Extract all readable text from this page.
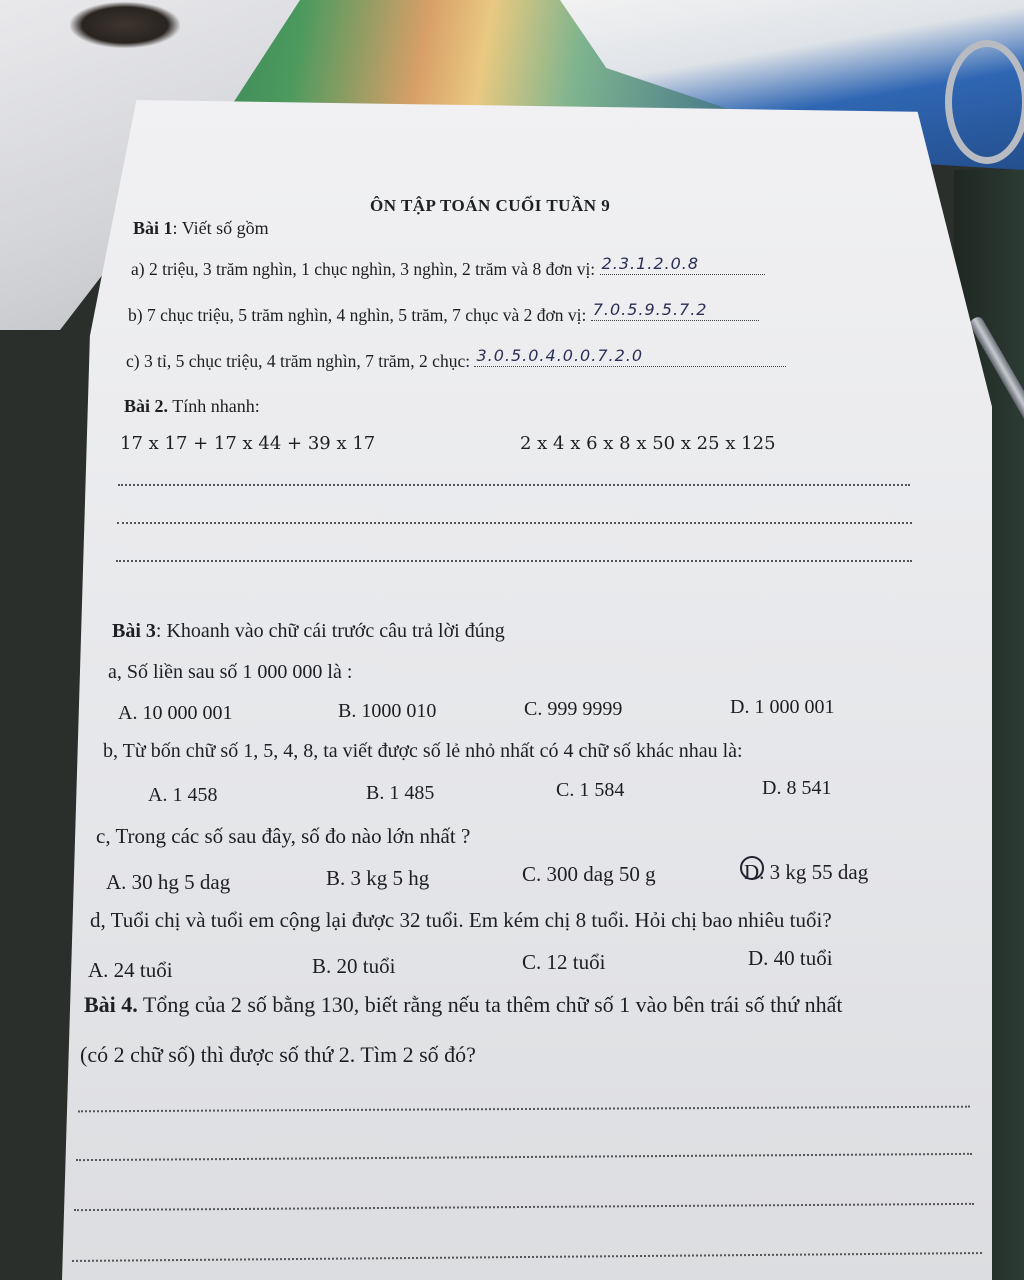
ÔN TẬP TOÁN CUỐI TUẦN 9
Bài 1: Viết số gồm
a) 2 triệu, 3 trăm nghìn, 1 chục nghìn, 3 nghìn, 2 trăm và 8 đơn vị: 2.3.1.2.0.8
b) 7 chục triệu, 5 trăm nghìn, 4 nghìn, 5 trăm, 7 chục và 2 đơn vị: 7.0.5.9.5.7.2
c) 3 tỉ, 5 chục triệu, 4 trăm nghìn, 7 trăm, 2 chục: 3.0.5.0.4.0.0.7.2.0
Bài 2. Tính nhanh:
17 x 17 + 17 x 44 + 39 x 17	2 x 4 x 6 x 8 x 50 x 25 x 125
Bài 3: Khoanh vào chữ cái trước câu trả lời đúng
a, Số liền sau số 1 000 000 là :
A. 10 000 001	B. 1000 010	C. 999 9999	D. 1 000 001
b, Từ bốn chữ số 1, 5, 4, 8, ta viết được số lẻ nhỏ nhất có 4 chữ số khác nhau là:
A. 1 458	B. 1 485	C. 1 584	D. 8 541
c, Trong các số sau đây, số đo nào lớn nhất ?
A. 30 hg 5 dag	B. 3 kg 5 hg	C. 300 dag 50 g	D. 3 kg 55 dag
d, Tuổi chị và tuổi em cộng lại được 32 tuổi. Em kém chị 8 tuổi. Hỏi chị bao nhiêu tuổi?
A. 24 tuổi	B. 20 tuổi	C. 12 tuổi	D. 40 tuổi
Bài 4. Tổng của 2 số bằng 130, biết rằng nếu ta thêm chữ số 1 vào bên trái số thứ nhất
(có 2 chữ số) thì được số thứ 2. Tìm 2 số đó?
